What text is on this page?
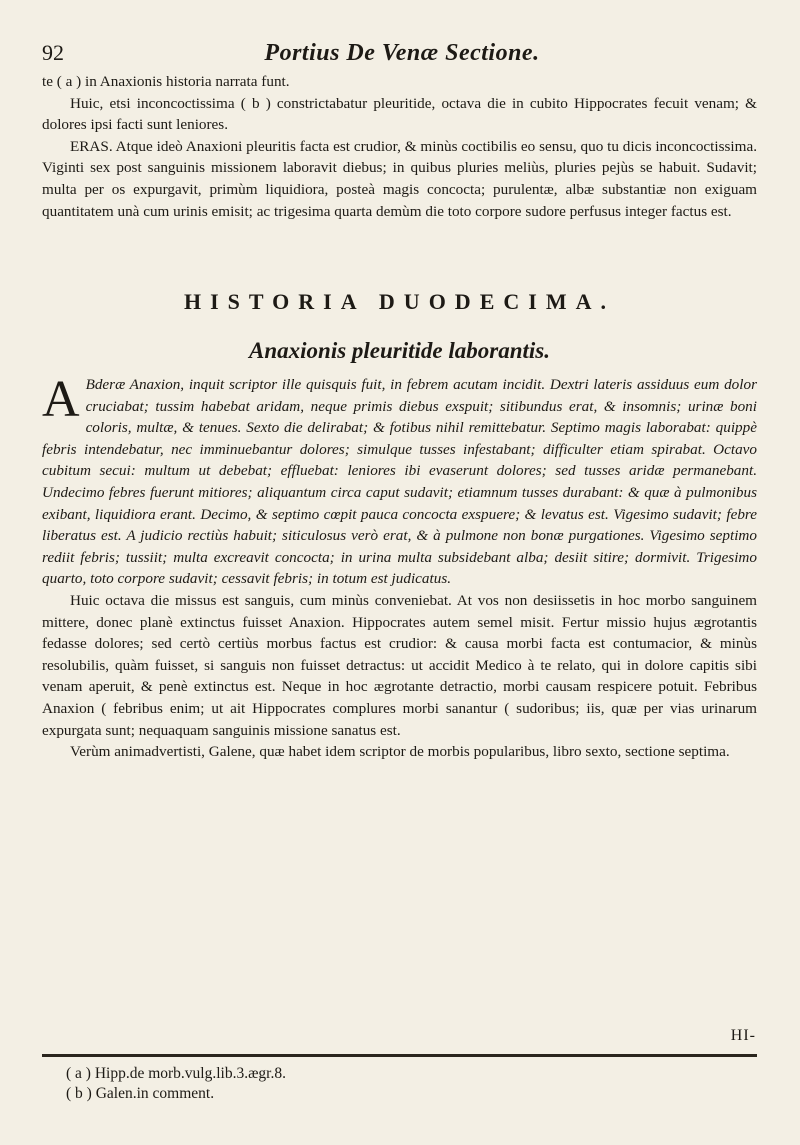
92	Portius De Venæ Sectione.

te ( a ) in Anaxionis historia narrata funt.

Huic, etsi inconcoctissima ( b ) constrictabatur pleuritide, octava die in cubito Hippocrates fecuit venam; & dolores ipsi facti sunt leniores.

ERAS. Atque ideò Anaxioni pleuritis facta est crudior, & minùs coctibilis eo sensu, quo tu dicis inconcoctissima. Viginti sex post sanguinis missionem laboravit diebus; in quibus pluries meliùs, pluries pejùs se habuit. Sudavit; multa per os expurgavit, primùm liquidiora, posteà magis concocta; purulentæ, albæ substantiæ non exiguam quantitatem unà cum urinis emisit; ac trigesima quarta demùm die toto corpore sudore perfusus integer factus est.

HISTORIA DUODECIMA.
Anaxionis pleuritide laborantis.

A Bderæ Anaxion, inquit scriptor ille quisquis fuit, in febrem acutam incidit. Dextri lateris assiduus eum dolor cruciabat; tussim habebat aridam, neque primis diebus exspuit; sitibundus erat, & insomnis; urinæ boni coloris, multæ, & tenues. Sexto die delirabat; & fotibus nihil remittebatur. Septimo magis laborabat: quippè febris intendebatur, nec imminuebantur dolores; simulque tusses infestabant; difficulter etiam spirabat. Octavo cubitum secui: multum ut debebat; effluebat: leniores ibi evaserunt dolores; sed tusses aridæ permanebant. Undecimo febres fuerunt mitiores; aliquantum circa caput sudavit; etiamnum tusses durabant: & quæ à pulmonibus exibant, liquidiora erant. Decimo, & septimo cœpit pauca concocta exspuere; & levatus est. Vigesimo sudavit; febre liberatus est. A judicio rectiùs habuit; siticulosus verò erat, & à pulmone non bonæ purgationes. Vigesimo septimo rediit febris; tussiit; multa excreavit concocta; in urina multa subsidebant alba; desiit sitire; dormivit. Trigesimo quarto, toto corpore sudavit; cessavit febris; in totum est judicatus.

Huic octava die missus est sanguis, cum minùs conveniebat. At vos non desiissetis in hoc morbo sanguinem mittere, donec planè extinctus fuisset Anaxion. Hippocrates autem semel misit. Fertur missio hujus ægrotantis fedasse dolores; sed certò certiùs morbus factus est crudior: & causa morbi facta est contumacior, & minùs resolubilis, quàm fuisset, si sanguis non fuisset detractus: ut accidit Medico à te relato, qui in dolore capitis sibi venam aperuit, & penè extinctus est. Neque in hoc ægrotante detractio, morbi causam respicere potuit. Febribus Anaxion ( febribus enim; ut ait Hippocrates complures morbi sanantur ( sudoribus; iis, quæ per vias urinarum expurgata sunt; nequaquam sanguinis missione sanatus est.

Verùm animadvertisti, Galene, quæ habet idem scriptor de morbis popularibus, libro sexto, sectione septima.

HI-
( a ) Hipp.de morb.vulg.lib.3.ægr.8.
( b ) Galen.in comment.
